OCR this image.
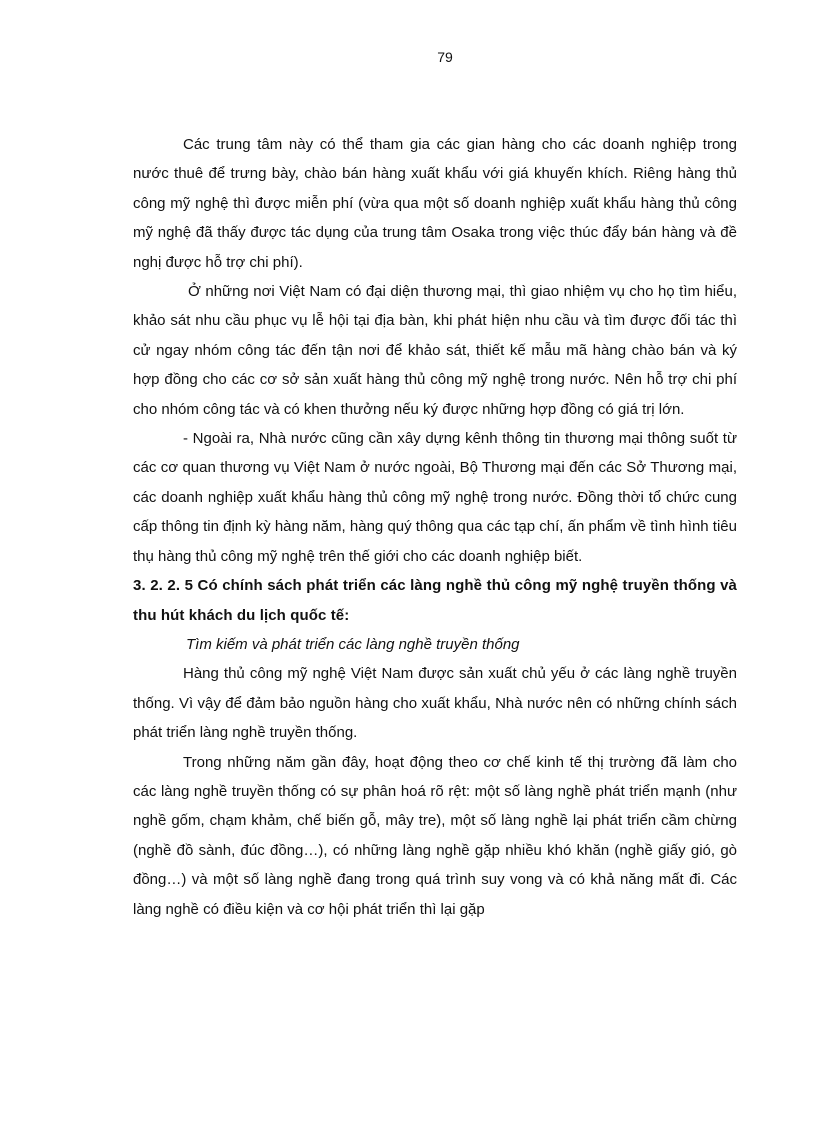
79

Các trung tâm này có thể tham gia các gian hàng cho các doanh nghiệp trong nước thuê để trưng bày, chào bán hàng xuất khẩu với giá khuyến khích. Riêng hàng thủ công mỹ nghệ thì được miễn phí (vừa qua một số doanh nghiệp xuất khẩu hàng thủ công mỹ nghệ đã thấy được tác dụng của trung tâm Osaka trong việc thúc đẩy bán hàng và đề nghị được hỗ trợ chi phí).

Ở những nơi Việt Nam có đại diện thương mại, thì giao nhiệm vụ cho họ tìm hiểu, khảo sát nhu cầu phục vụ lễ hội tại địa bàn, khi phát hiện nhu cầu và tìm được đối tác thì cử ngay nhóm công tác đến tận nơi để khảo sát, thiết kế mẫu mã hàng chào bán và ký hợp đồng cho các cơ sở sản xuất hàng thủ công mỹ nghệ trong nước. Nên hỗ trợ chi phí cho nhóm công tác và có khen thưởng nếu ký được những hợp đồng có giá trị lớn.

- Ngoài ra, Nhà nước cũng cần xây dựng kênh thông tin thương mại thông suốt từ các cơ quan thương vụ Việt Nam ở nước ngoài, Bộ Thương mại đến các Sở Thương mại, các doanh nghiệp xuất khẩu hàng thủ công mỹ nghệ trong nước. Đồng thời tổ chức cung cấp thông tin định kỳ hàng năm, hàng quý thông qua các tạp chí, ấn phẩm về tình hình tiêu thụ hàng thủ công mỹ nghệ trên thế giới cho các doanh nghiệp biết.

3. 2. 2. 5 Có chính sách phát triển các làng nghề thủ công mỹ nghệ truyền thống và thu hút khách du lịch quốc tế:

Tìm kiếm và phát triển các làng nghề truyền thống

Hàng thủ công mỹ nghệ Việt Nam được sản xuất chủ yếu ở các làng nghề truyền thống. Vì vậy để đảm bảo nguồn hàng cho xuất khẩu, Nhà nước nên có những chính sách phát triển làng nghề truyền thống.

Trong những năm gần đây, hoạt động theo cơ chế kinh tế thị trường đã làm cho các làng nghề truyền thống có sự phân hoá rõ rệt: một số làng nghề phát triển mạnh (như nghề gốm, chạm khảm, chế biến gỗ, mây tre), một số làng nghề lại phát triển cầm chừng (nghề đồ sành, đúc đồng…), có những làng nghề gặp nhiều khó khăn (nghề giấy gió, gò đồng…) và một số làng nghề đang trong quá trình suy vong và có khả năng mất đi. Các làng nghề có điều kiện và cơ hội phát triển thì lại gặp
